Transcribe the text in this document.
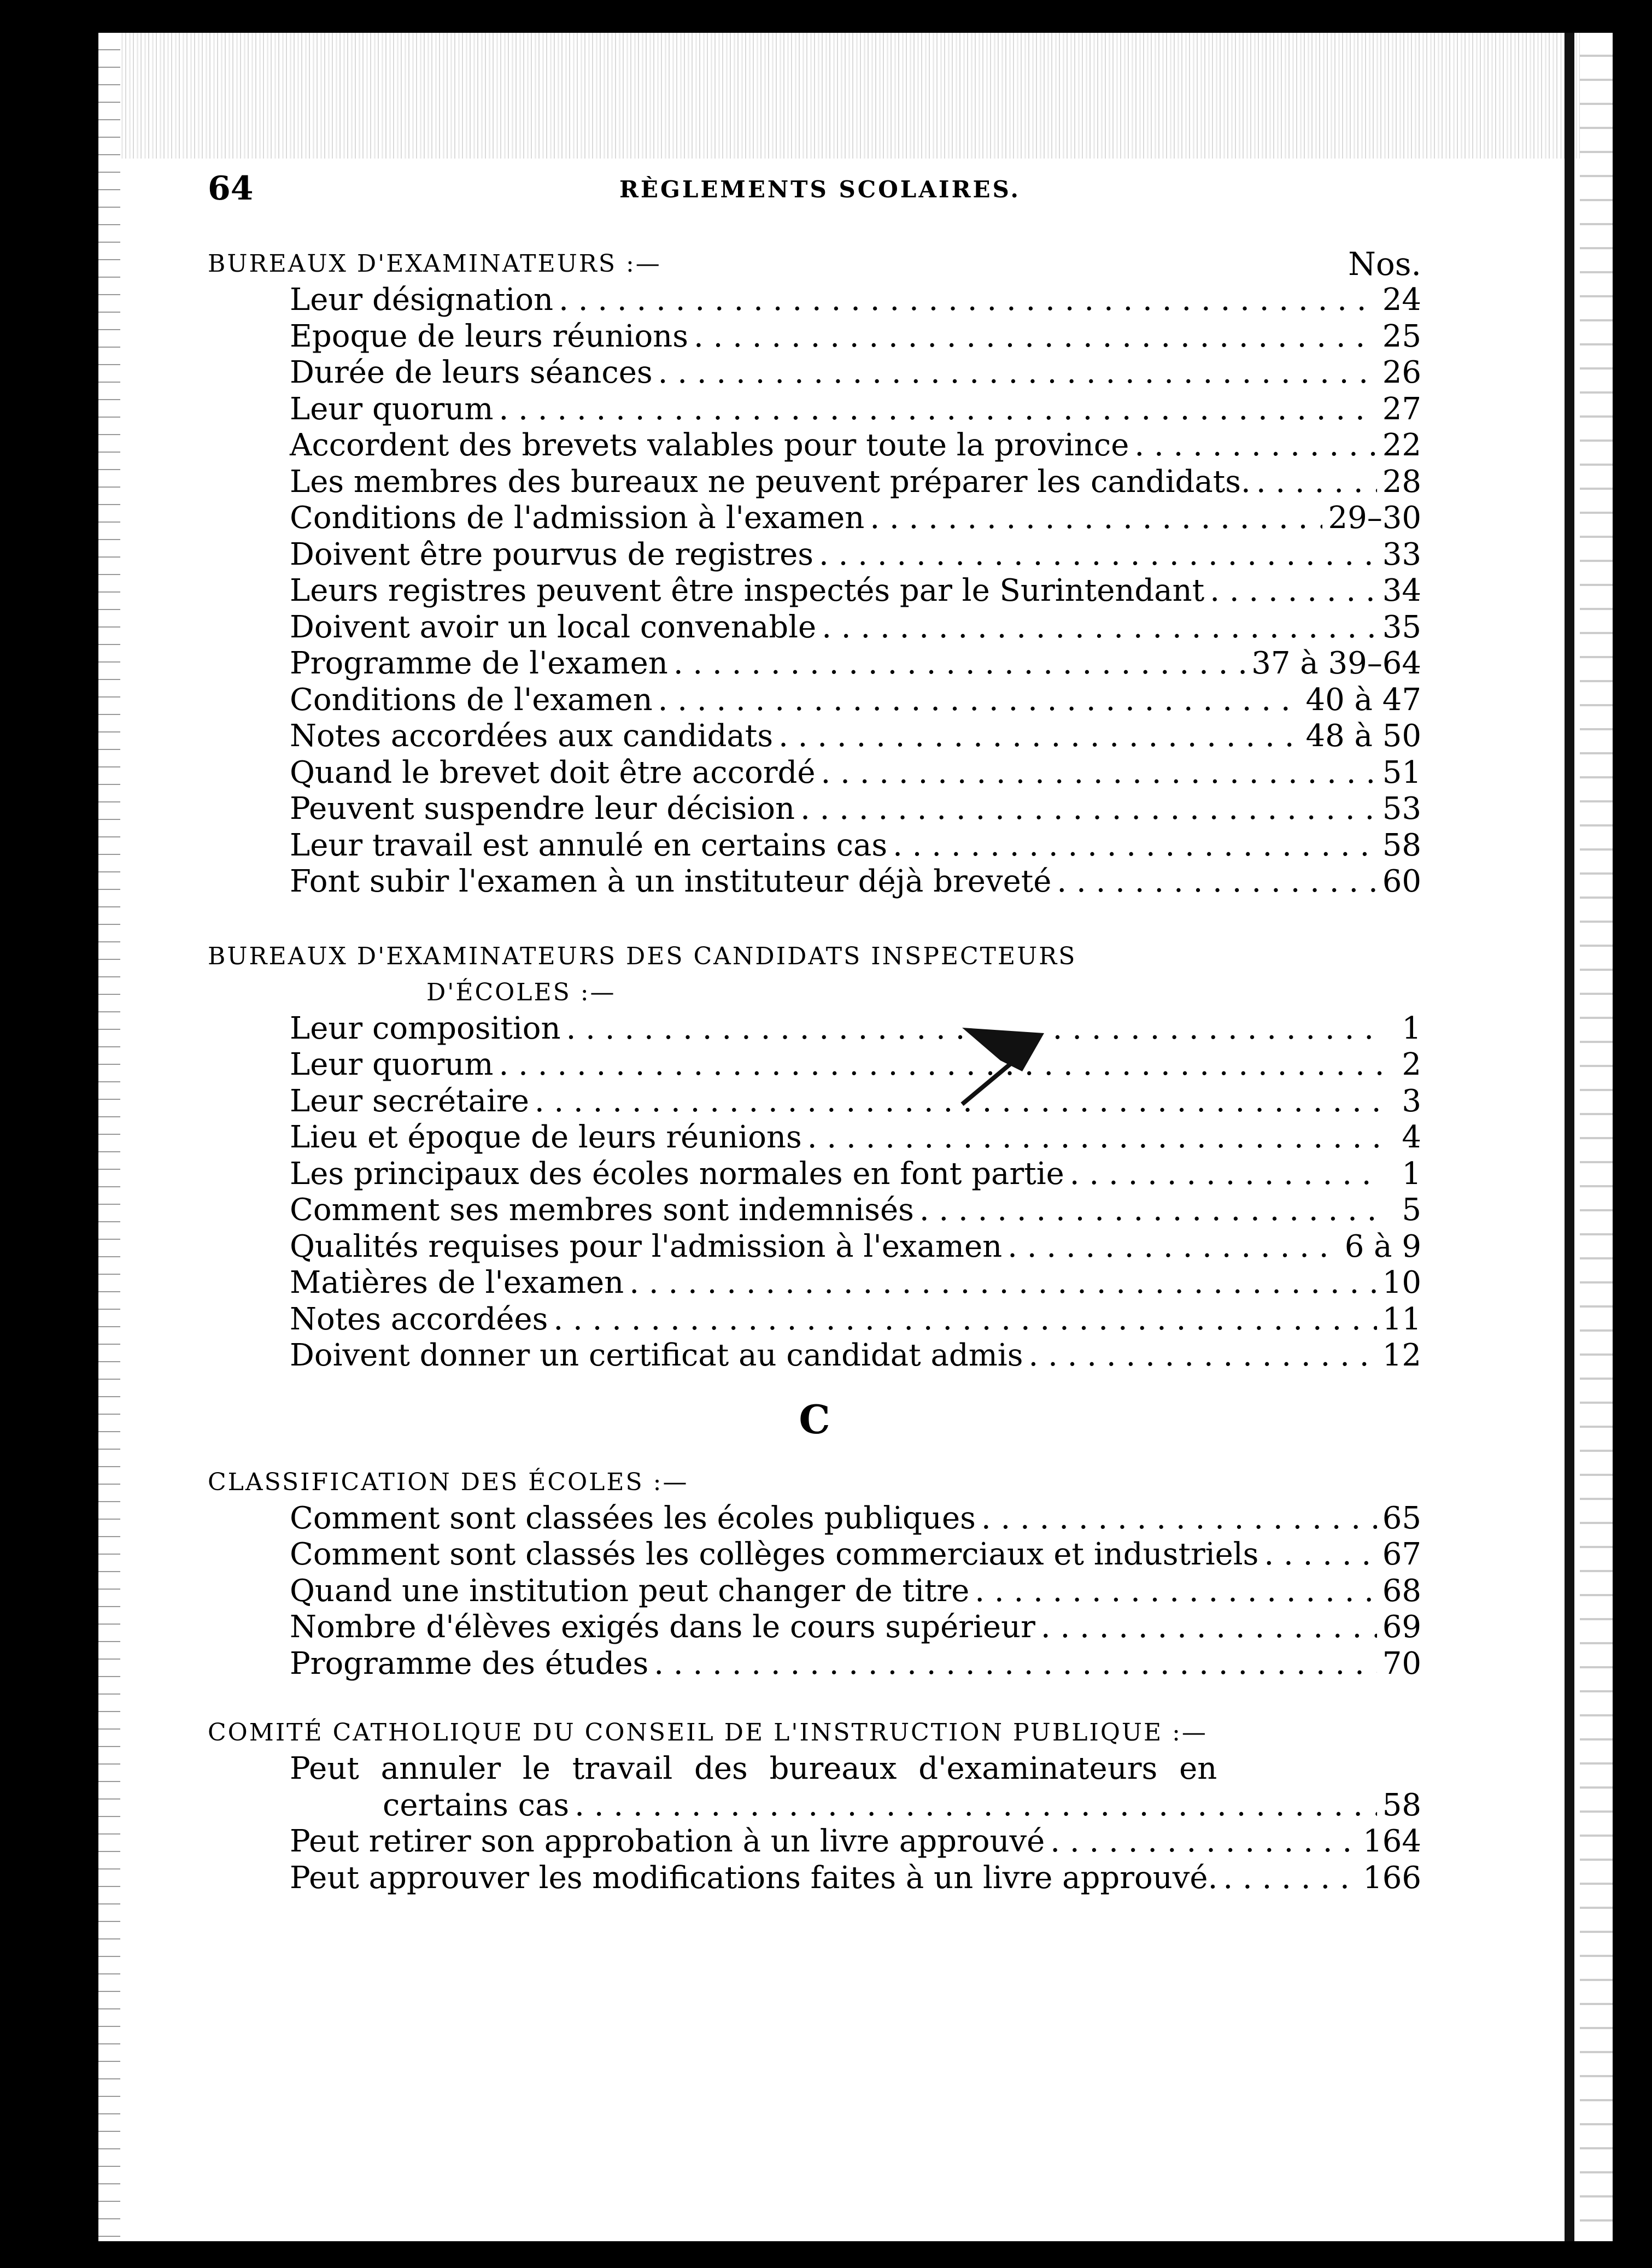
64	RÈGLEMENTS SCOLAIRES.
BUREAUX D'EXAMINATEURS :—	Nos.
Leur désignation . . .	24
Epoque de leurs réunions . . .	25
Durée de leurs séances . . .	26
Leur quorum . . .	27
Accordent des brevets valables pour toute la province . . .	22
Les membres des bureaux ne peuvent préparer les candidats. . . .	28
Conditions de l'admission à l'examen . . .	29–30
Doivent être pourvus de registres . . .	33
Leurs registres peuvent être inspectés par le Surintendant . . .	34
Doivent avoir un local convenable . . .	35
Programme de l'examen . . .	37 à 39–64
Conditions de l'examen . . .	40 à 47
Notes accordées aux candidats . . .	48 à 50
Quand le brevet doit être accordé . . .	51
Peuvent suspendre leur décision . . .	53
Leur travail est annulé en certains cas . . .	58
Font subir l'examen à un instituteur déjà breveté . . .	60
BUREAUX D'EXAMINATEURS DES CANDIDATS INSPECTEURS
D'ÉCOLES :—
Leur composition . . .	1
Leur quorum . . .	2
Leur secrétaire . . .	3
Lieu et époque de leurs réunions . . .	4
Les principaux des écoles normales en font partie . . .	1
Comment ses membres sont indemnisés . . .	5
Qualités requises pour l'admission à l'examen . . .	6 à 9
Matières de l'examen . . .	10
Notes accordées . . .	11
Doivent donner un certificat au candidat admis . . .	12
C
CLASSIFICATION DES ÉCOLES :—
Comment sont classées les écoles publiques . . .	65
Comment sont classés les collèges commerciaux et industriels . . .	67
Quand une institution peut changer de titre . . .	68
Nombre d'élèves exigés dans le cours supérieur . . .	69
Programme des études . . .	70
COMITÉ CATHOLIQUE DU CONSEIL DE L'INSTRUCTION PUBLIQUE :—
Peut annuler le travail des bureaux d'examinateurs en
certains cas . . .	58
Peut retirer son approbation à un livre approuvé . . .	164
Peut approuver les modifications faites à un livre approuvé. . . .	166
